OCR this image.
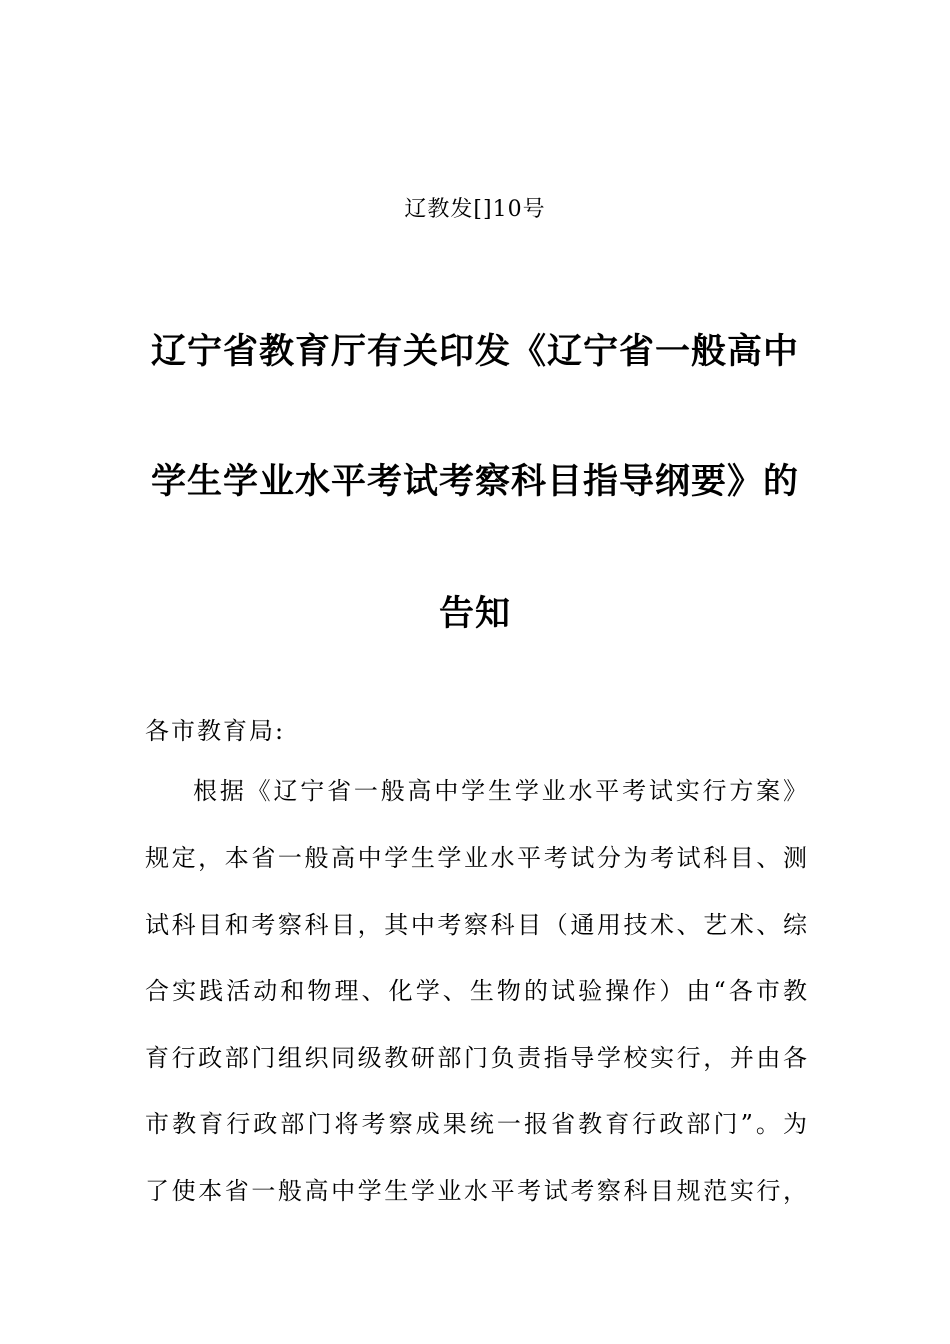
辽教发[]10号
辽宁省教育厅有关印发《辽宁省一般高中
学生学业水平考试考察科目指导纲要》的
告知
各市教育局:
根据《辽宁省一般高中学生学业水平考试实行方案》
规定，本省一般高中学生学业水平考试分为考试科目、测
试科目和考察科目，其中考察科目（通用技术、艺术、综
合实践活动和物理、化学、生物的试验操作）由“各市教
育行政部门组织同级教研部门负责指导学校实行，并由各
市教育行政部门将考察成果统一报省教育行政部门”。为
了使本省一般高中学生学业水平考试考察科目规范实行，
